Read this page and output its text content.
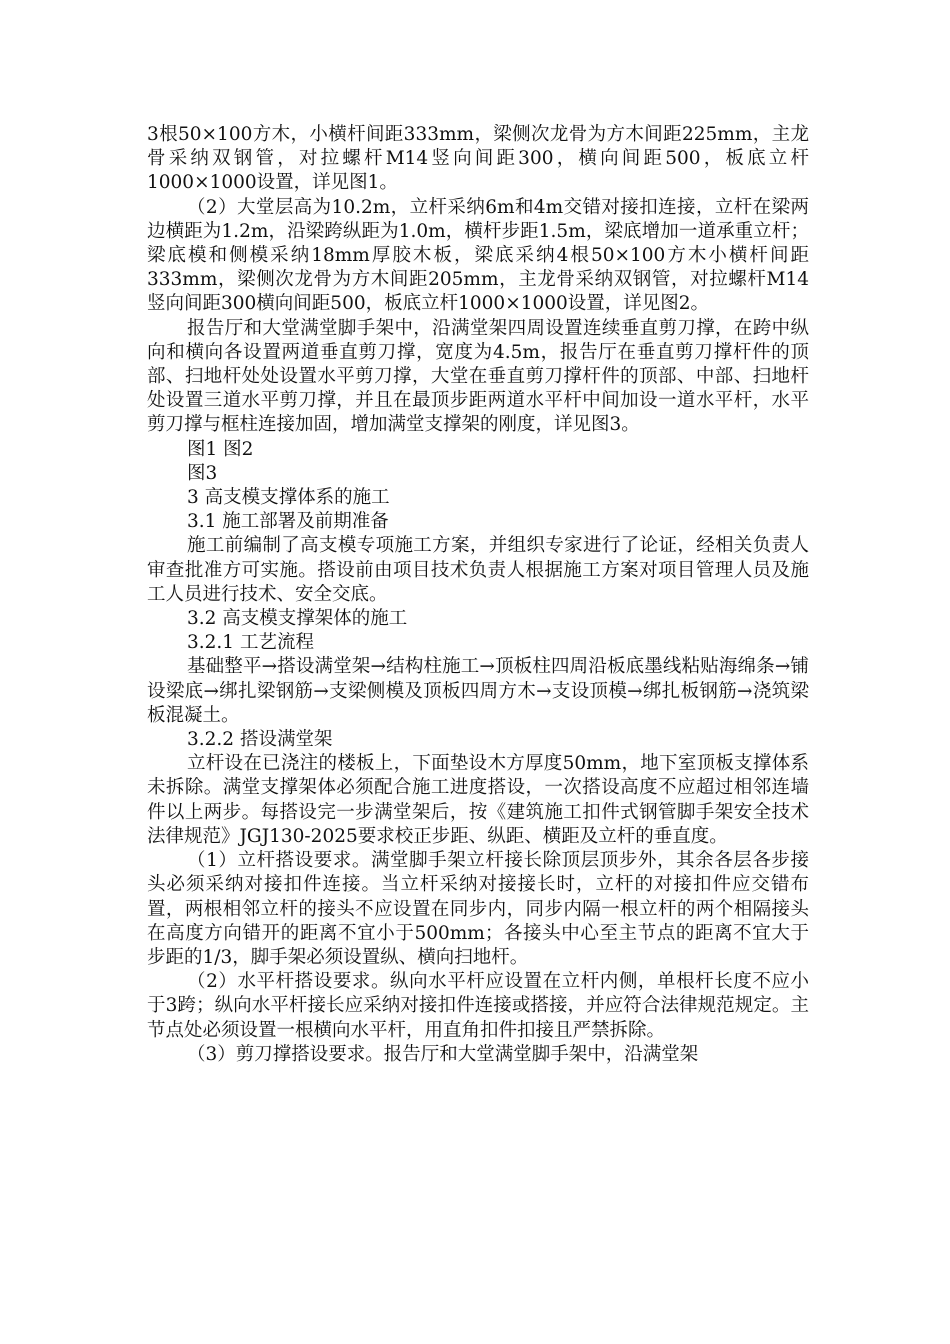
3根50×100方木，小横杆间距333mm，梁侧次龙骨为方木间距225mm，主龙骨采纳双钢管，对拉螺杆M14竖向间距300，横向间距500，板底立杆1000×1000设置，详见图1。

（2）大堂层高为10.2m，立杆采纳6m和4m交错对接扣连接，立杆在梁两边横距为1.2m，沿梁跨纵距为1.0m，横杆步距1.5m，梁底增加一道承重立杆；梁底模和侧模采纳18mm厚胶木板，梁底采纳4根50×100方木小横杆间距333mm，梁侧次龙骨为方木间距205mm，主龙骨采纳双钢管，对拉螺杆M14竖向间距300横向间距500，板底立杆1000×1000设置，详见图2。

报告厅和大堂满堂脚手架中，沿满堂架四周设置连续垂直剪刀撑，在跨中纵向和横向各设置两道垂直剪刀撑，宽度为4.5m，报告厅在垂直剪刀撑杆件的顶部、扫地杆处处设置水平剪刀撑，大堂在垂直剪刀撑杆件的顶部、中部、扫地杆处设置三道水平剪刀撑，并且在最顶步距两道水平杆中间加设一道水平杆，水平剪刀撑与框柱连接加固，增加满堂支撑架的刚度，详见图3。

图1 图2

图3

3 高支模支撑体系的施工

3.1 施工部署及前期准备

施工前编制了高支模专项施工方案，并组织专家进行了论证，经相关负责人审查批准方可实施。搭设前由项目技术负责人根据施工方案对项目管理人员及施工人员进行技术、安全交底。

3.2 高支模支撑架体的施工

3.2.1 工艺流程

基础整平→搭设满堂架→结构柱施工→顶板柱四周沿板底墨线粘贴海绵条→铺设梁底→绑扎梁钢筋→支梁侧模及顶板四周方木→支设顶模→绑扎板钢筋→浇筑梁板混凝土。

3.2.2 搭设满堂架

立杆设在已浇注的楼板上，下面垫设木方厚度50mm，地下室顶板支撑体系未拆除。满堂支撑架体必须配合施工进度搭设，一次搭设高度不应超过相邻连墙件以上两步。每搭设完一步满堂架后，按《建筑施工扣件式钢管脚手架安全技术法律规范》JGJ130-2025要求校正步距、纵距、横距及立杆的垂直度。

（1）立杆搭设要求。满堂脚手架立杆接长除顶层顶步外，其余各层各步接头必须采纳对接扣件连接。当立杆采纳对接接长时，立杆的对接扣件应交错布置，两根相邻立杆的接头不应设置在同步内，同步内隔一根立杆的两个相隔接头在高度方向错开的距离不宜小于500mm；各接头中心至主节点的距离不宜大于步距的1/3，脚手架必须设置纵、横向扫地杆。

（2）水平杆搭设要求。纵向水平杆应设置在立杆内侧，单根杆长度不应小于3跨；纵向水平杆接长应采纳对接扣件连接或搭接，并应符合法律规范规定。主节点处必须设置一根横向水平杆，用直角扣件扣接且严禁拆除。

（3）剪刀撑搭设要求。报告厅和大堂满堂脚手架中，沿满堂架
